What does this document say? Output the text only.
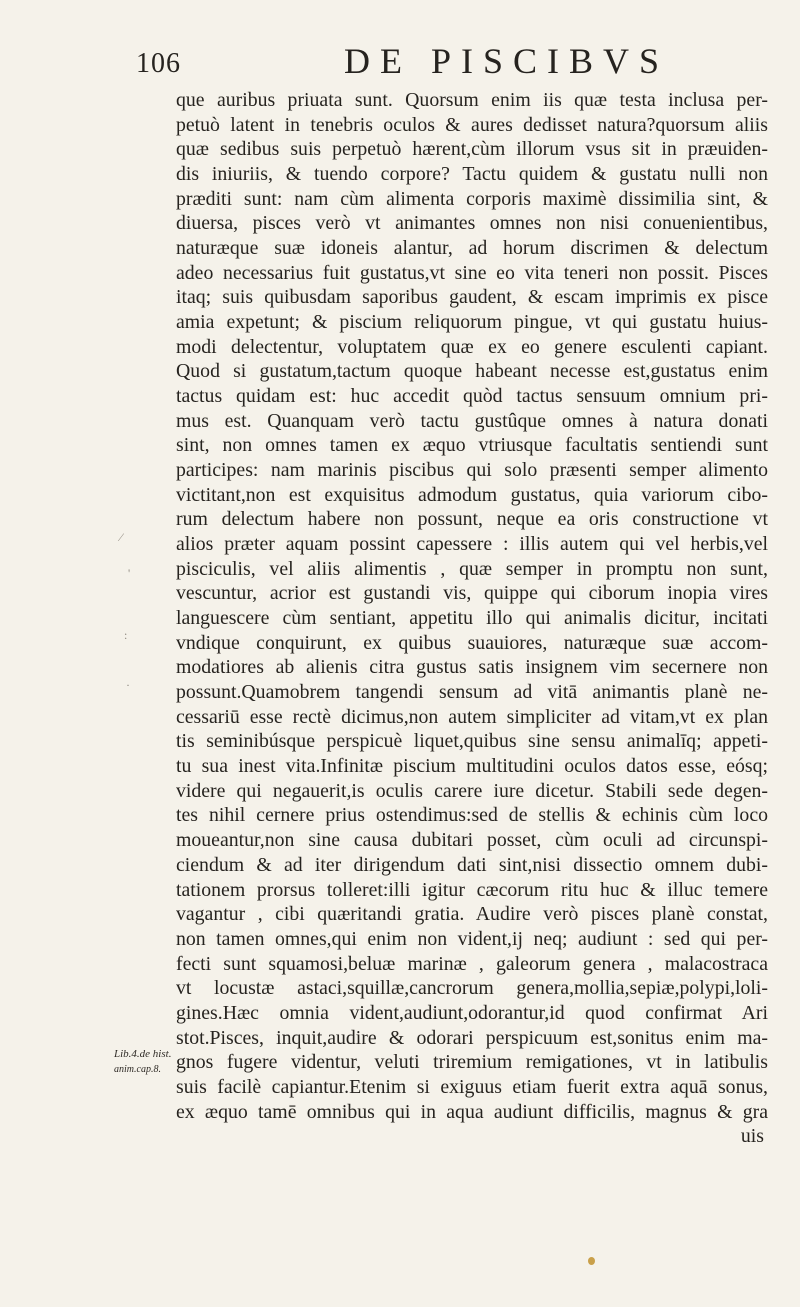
106	DE PISCIBVS
que auribus priuata sunt. Quorsum enim iis quæ testa inclusa per-
petuò latent in tenebris oculos & aures dedisset natura?quorsum aliis
quæ sedibus suis perpetuò hærent,cùm illorum vsus sit in præuiden-
dis iniuriis, & tuendo corpore? Tactu quidem & gustatu nulli non
præditi sunt: nam cùm alimenta corporis maximè dissimilia sint, &
diuersa, pisces verò vt animantes omnes non nisi conuenientibus,
naturæque suæ idoneis alantur, ad horum discrimen & delectum
adeo necessarius fuit gustatus,vt sine eo vita teneri non possit. Pisces
itaq; suis quibusdam saporibus gaudent, & escam imprimis ex pisce
amia expetunt; & piscium reliquorum pingue, vt qui gustatu huius-
modi delectentur, voluptatem quæ ex eo genere esculenti capiant.
Quod si gustatum,tactum quoque habeant necesse est,gustatus enim
tactus quidam est: huc accedit quòd tactus sensuum omnium pri-
mus est. Quanquam verò tactu gustûque omnes à natura donati
sint, non omnes tamen ex æquo vtriusque facultatis sentiendi sunt
participes: nam marinis piscibus qui solo præsenti semper alimento
victitant,non est exquisitus admodum gustatus, quia variorum cibo-
rum delectum habere non possunt, neque ea oris constructione vt
alios præter aquam possint capessere : illis autem qui vel herbis,vel
pisciculis, vel aliis alimentis , quæ semper in promptu non sunt,
vescuntur, acrior est gustandi vis, quippe qui ciborum inopia vires
languescere cùm sentiant, appetitu illo qui animalis dicitur, incitati
vndique conquirunt, ex quibus suauiores, naturæque suæ accom-
modatiores ab alienis citra gustus satis insignem vim secernere non
possunt.Quamobrem tangendi sensum ad vitā animantis planè ne-
cessariū esse rectè dicimus,non autem simpliciter ad vitam,vt ex plan
tis seminibúsque perspicuè liquet,quibus sine sensu animalīq; appeti-
tu sua inest vita.Infinitæ piscium multitudini oculos datos esse, eósq;
videre qui negauerit,is oculis carere iure dicetur. Stabili sede degen-
tes nihil cernere prius ostendimus:sed de stellis & echinis cùm loco
moueantur,non sine causa dubitari posset, cùm oculi ad circunspi-
ciendum & ad iter dirigendum dati sint,nisi dissectio omnem dubi-
tationem prorsus tolleret:illi igitur cæcorum ritu huc & illuc temere
vagantur , cibi quæritandi gratia. Audire verò pisces planè constat,
non tamen omnes,qui enim non vident,ij neq; audiunt : sed qui per-
fecti sunt squamosi,beluæ marinæ , galeorum genera , malacostraca
vt locustæ astaci,squillæ,cancrorum genera,mollia,sepiæ,polypi,loli-
gines.Hæc omnia vident,audiunt,odorantur,id quod confirmat Ari
stot.Pisces, inquit,audire & odorari perspicuum est,sonitus enim ma-
gnos fugere videntur, veluti triremium remigationes, vt in latibulis
suis facilè capiantur.Etenim si exiguus etiam fuerit extra aquā sonus,
ex æquo tamē omnibus qui in aqua audiunt difficilis, magnus & gra
uis
Lib.4.de hist.
anim.cap.8.
⁄
'
:
·
